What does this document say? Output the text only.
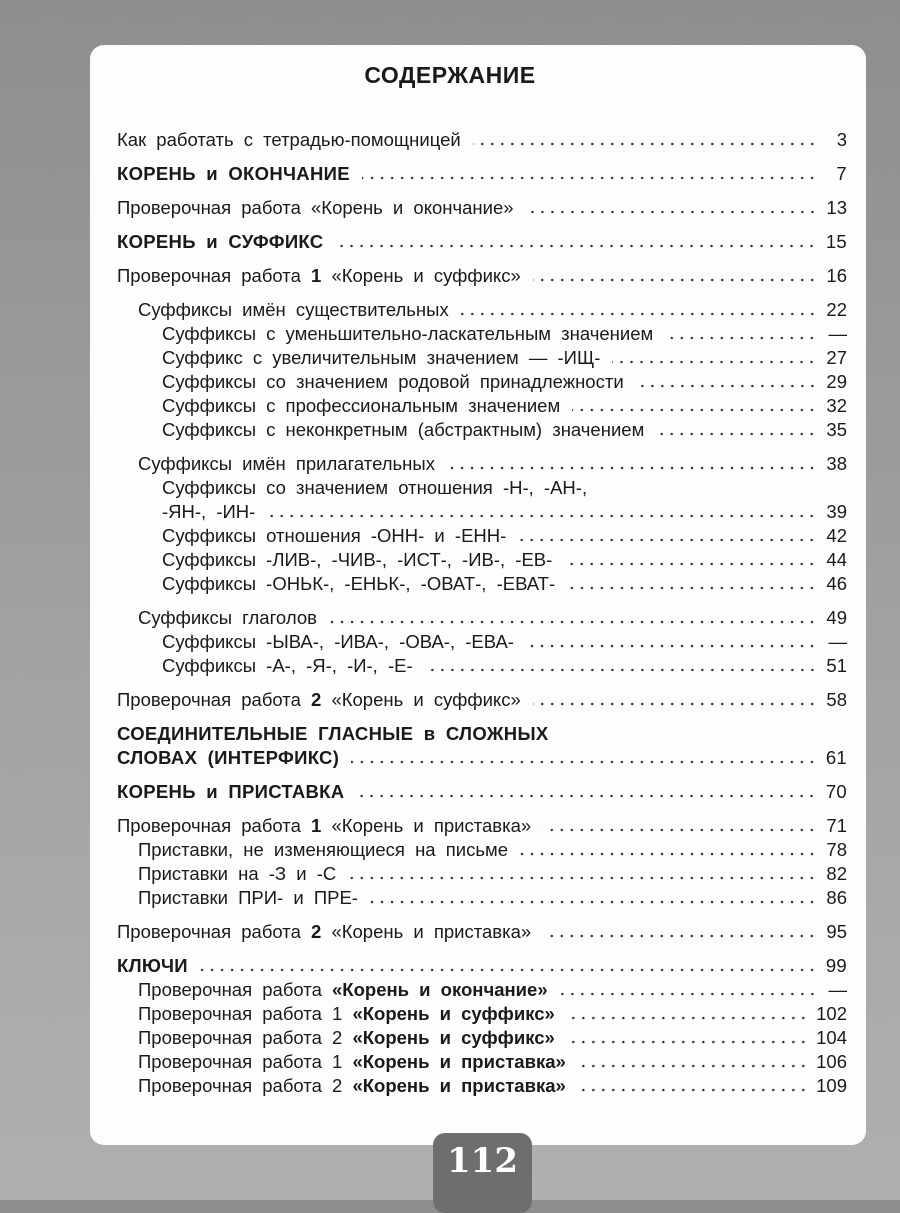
СОДЕРЖАНИЕ
Как работать с тетрадью-помощницей	3
КОРЕНЬ и ОКОНЧАНИЕ	7
Проверочная работа «Корень и окончание»	13
КОРЕНЬ и СУФФИКС	15
Проверочная работа 1 «Корень и суффикс»	16
Суффиксы имён существительных	22
Суффиксы с уменьшительно-ласкательным значением	—
Суффикс с увеличительным значением — -ИЩ-	27
Суффиксы со значением родовой принадлежности	29
Суффиксы с профессиональным значением	32
Суффиксы с неконкретным (абстрактным) значением	35
Суффиксы имён прилагательных	38
Суффиксы со значением отношения -Н-, -АН-,
-ЯН-, -ИН-	39
Суффиксы отношения -ОНН- и -ЕНН-	42
Суффиксы -ЛИВ-, -ЧИВ-, -ИСТ-, -ИВ-, -ЕВ-	44
Суффиксы -ОНЬК-, -ЕНЬК-, -ОВАТ-, -ЕВАТ-	46
Суффиксы глаголов	49
Суффиксы -ЫВА-, -ИВА-, -ОВА-, -ЕВА-	—
Суффиксы -А-, -Я-, -И-, -Е-	51
Проверочная работа 2 «Корень и суффикс»	58
СОЕДИНИТЕЛЬНЫЕ ГЛАСНЫЕ в СЛОЖНЫХ
СЛОВАХ (ИНТЕРФИКС)	61
КОРЕНЬ и ПРИСТАВКА	70
Проверочная работа 1 «Корень и приставка»	71
Приставки, не изменяющиеся на письме	78
Приставки на -З и -С	82
Приставки ПРИ- и ПРЕ-	86
Проверочная работа 2 «Корень и приставка»	95
КЛЮЧИ	99
Проверочная работа «Корень и окончание»	—
Проверочная работа 1 «Корень и суффикс»	102
Проверочная работа 2 «Корень и суффикс»	104
Проверочная работа 1 «Корень и приставка»	106
Проверочная работа 2 «Корень и приставка»	109
112
